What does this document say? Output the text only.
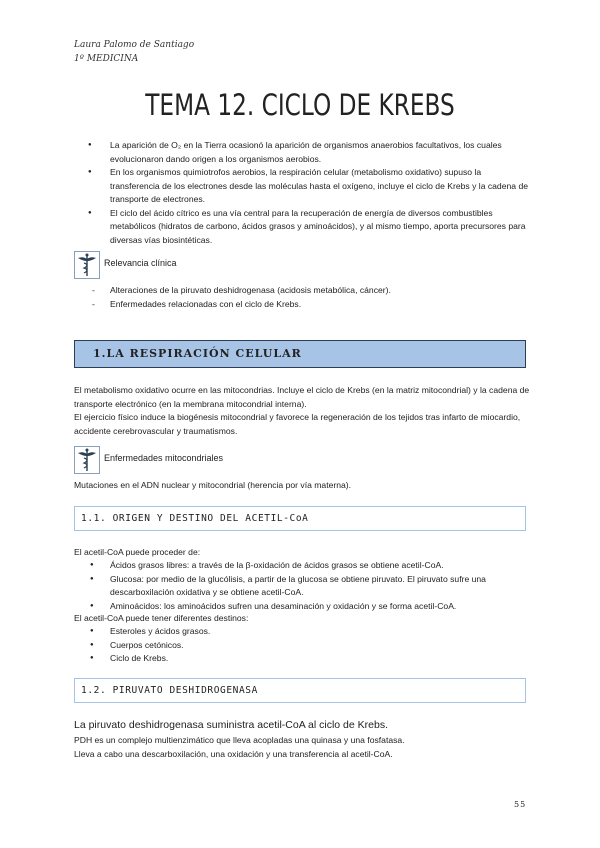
Laura Palomo de Santiago
1º MEDICINA
TEMA 12. CICLO DE KREBS
● La aparición de O₂ en la Tierra ocasionó la aparición de organismos anaerobios facultativos, los cuales evolucionaron dando origen a los organismos aerobios.
● En los organismos quimiotrofos aerobios, la respiración celular (metabolismo oxidativo) supuso la transferencia de los electrones desde las moléculas hasta el oxígeno, incluye el ciclo de Krebs y la cadena de transporte de electrones.
● El ciclo del ácido cítrico es una vía central para la recuperación de energía de diversos combustibles metabólicos (hidratos de carbono, ácidos grasos y aminoácidos), y al mismo tiempo, aporta precursores para diversas vías biosintéticas.
Relevancia clínica
- Alteraciones de la piruvato deshidrogenasa (acidosis metabólica, cáncer).
- Enfermedades relacionadas con el ciclo de Krebs.
1.LA RESPIRACIÓN CELULAR
El metabolismo oxidativo ocurre en las mitocondrias. Incluye el ciclo de Krebs (en la matriz mitocondrial) y la cadena de transporte electrónico (en la membrana mitocondrial interna).
El ejercicio físico induce la biogénesis mitocondrial y favorece la regeneración de los tejidos tras infarto de miocardio, accidente cerebrovascular y traumatismos.
Enfermedades mitocondriales
Mutaciones en el ADN nuclear y mitocondrial (herencia por vía materna).
1.1. ORIGEN Y DESTINO DEL ACETIL-CoA
El acetil-CoA puede proceder de:
● Ácidos grasos libres: a través de la β-oxidación de ácidos grasos se obtiene acetil-CoA.
● Glucosa: por medio de la glucólisis, a partir de la glucosa se obtiene piruvato. El piruvato sufre una descarboxilación oxidativa y se obtiene acetil-CoA.
● Aminoácidos: los aminoácidos sufren una desaminación y oxidación y se forma acetil-CoA.
El acetil-CoA puede tener diferentes destinos:
● Esteroles y ácidos grasos.
● Cuerpos cetónicos.
● Ciclo de Krebs.
1.2. PIRUVATO DESHIDROGENASA
La piruvato deshidrogenasa suministra acetil-CoA al ciclo de Krebs.
PDH es un complejo multienzimático que lleva acopladas una quinasa y una fosfatasa.
Lleva a cabo una descarboxilación, una oxidación y una transferencia al acetil-CoA.
55
